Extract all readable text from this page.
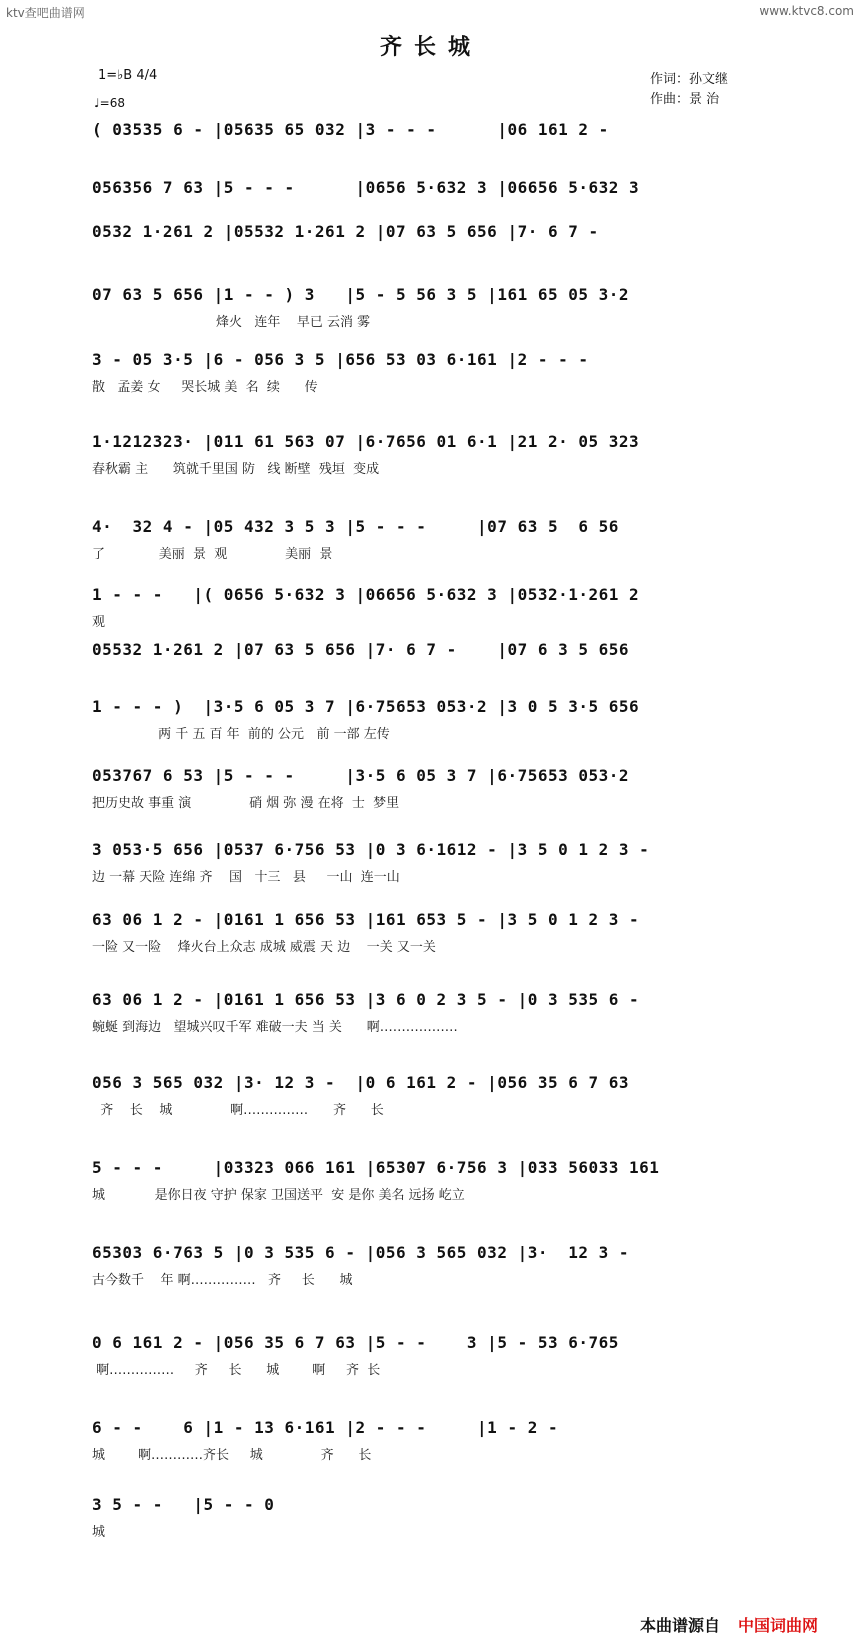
ktv查吧曲谱网	www.ktvc8.com
齐长城
1=♭B 4/4
♩=68
作词：孙文继
作曲：景 治
( 03535 6 - |05635 65 032 |3 - - -      |06 161 2 -
056356 7 63 |5 - - -      |0656 5·632 3 |06656 5·632 3
0532 1·261 2 |05532 1·261 2 |07 63 5 656 |7· 6 7 -
07 63 5 656 |1 - - ) 3   |5 - 5 56 3 5 |161 65 05 3·2
烽火   连年    早已 云消 雾
3 - 05 3·5 |6 - 056 3 5 |656 53 03 6·161 |2 - - -
散   孟姜 女     哭长城 美  名  续      传
1·1212323· |011 61 563 07 |6·7656 01 6·1 |21 2· 05 323
春秋霸 主      筑就千里国 防   线 断壁  残垣  变成
4·  32 4 - |05 432 3 5 3 |5 - - -     |07 63 5  6 56
了             美丽  景  观              美丽  景
1 - - -   |( 0656 5·632 3 |06656 5·632 3 |0532·1·261 2
观
05532 1·261 2 |07 63 5 656 |7· 6 7 -    |07 6 3 5 656
1 - - - )  |3·5 6 05 3 7 |6·75653 053·2 |3 0 5 3·5 656
两 千 五 百 年  前的 公元   前 一部 左传
053767 6 53 |5 - - -     |3·5 6 05 3 7 |6·75653 053·2
把历史故 事重 演              硝 烟 弥 漫 在将  士  梦里
3 053·5 656 |0537 6·756 53 |0 3 6·1612 - |3 5 0 1 2 3 -
边 一幕 天险 连绵 齐    国   十三   县     一山  连一山
63 06 1 2 - |0161 1 656 53 |161 653 5 - |3 5 0 1 2 3 -
一险 又一险    烽火台上众志 成城 威震 天 边    一关 又一关
63 06 1 2 - |0161 1 656 53 |3 6 0 2 3 5 - |0 3 535 6 -
蜿蜒 到海边   望城兴叹千军 难破一夫 当 关      啊………………
056 3 565 032 |3· 12 3 -  |0 6 161 2 - |056 35 6 7 63
齐    长    城              啊……………      齐      长
5 - - -     |03323 066 161 |65307 6·756 3 |033 56033 161
城            是你日夜 守护 保家 卫国送平  安 是你 美名 远扬 屹立
65303 6·763 5 |0 3 535 6 - |056 3 565 032 |3·  12 3 -
古今数千    年 啊……………   齐     长      城
0 6 161 2 - |056 35 6 7 63 |5 - -    3 |5 - 53 6·765
啊……………     齐     长      城        啊     齐  长
6 - -    6 |1 - 13 6·161 |2 - - -     |1 - 2 -
城        啊…………齐长     城              齐      长
3 5 - -   |5 - - 0
城
本曲谱源自 中国词曲网
